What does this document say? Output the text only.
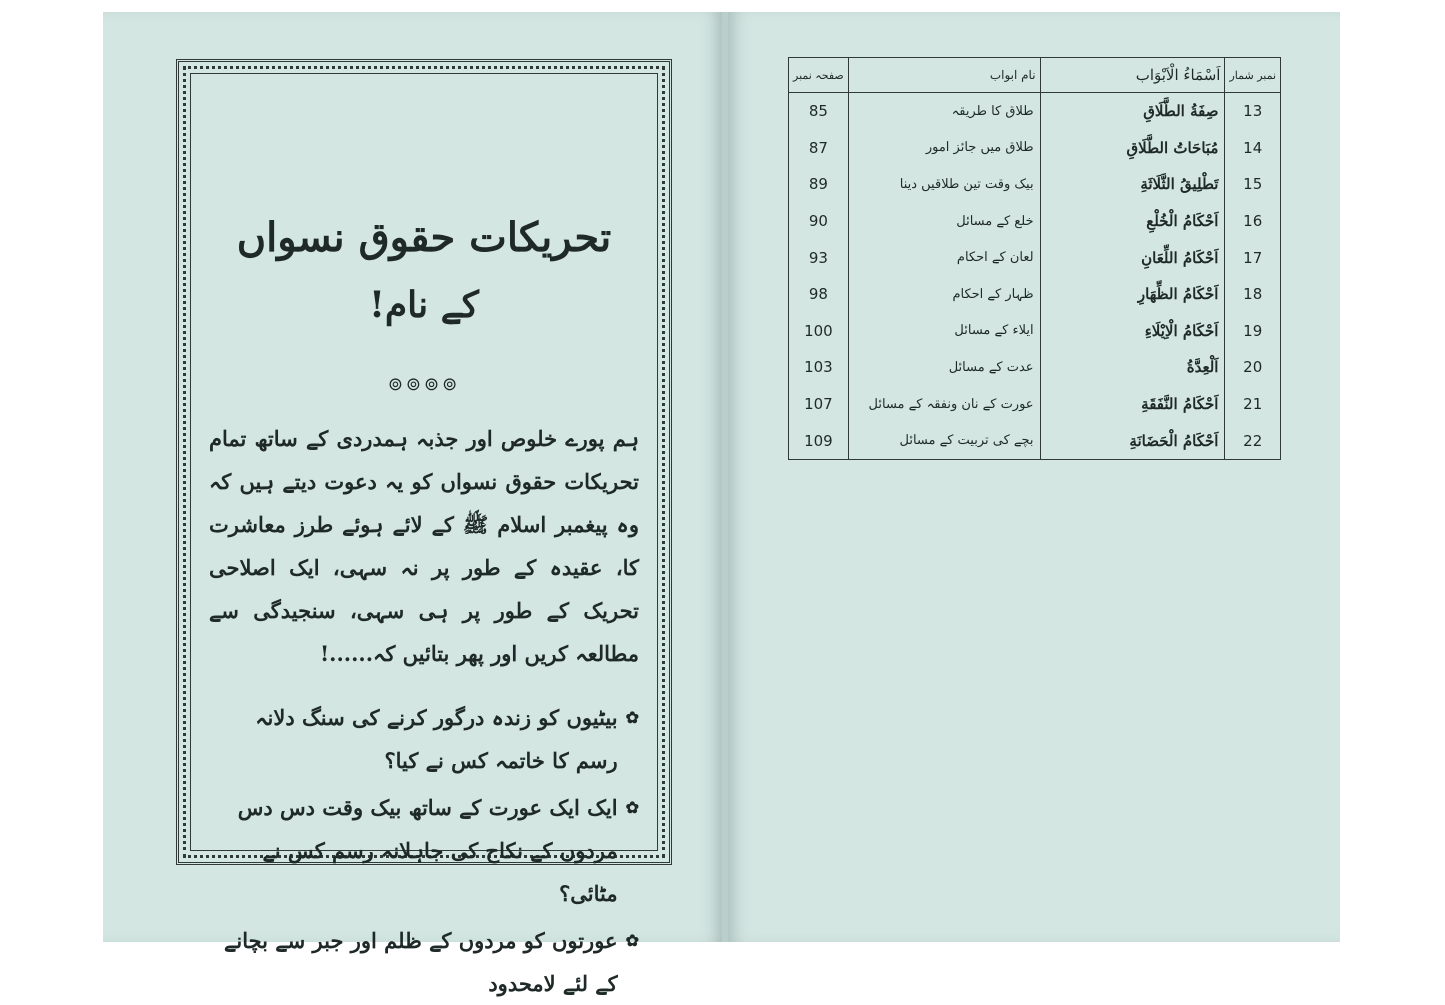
تحریکات حقوق نسواں
کے نام!
⊚⊚⊚⊚

ہم پورے خلوص اور جذبہ ہمدردی کے ساتھ تمام تحریکات حقوق نسواں کو یہ دعوت دیتے ہیں کہ وہ پیغمبر اسلام ﷺ کے لائے ہوئے طرز معاشرت کا، عقیدہ کے طور پر نہ سہی، ایک اصلاحی تحریک کے طور پر ہی سہی، سنجیدگی سے مطالعہ کریں اور پھر بتائیں کہ......!

✿
بیٹیوں کو زندہ درگور کرنے کی سنگ دلانہ رسم کا خاتمہ کس نے کیا؟
✿
ایک ایک عورت کے ساتھ بیک وقت دس دس مردوں کے نکاح کی جاہلانہ رسم کس نے مٹائی؟
✿
عورتوں کو مردوں کے ظلم اور جبر سے بچانے کے لئے لامحدود
نمبر شمار	اَسْمَاءُ الْاَبْوَاب	نام ابواب	صفحہ نمبر
13	صِفَةُ الطَّلَاقِ	طلاق کا طریقہ	85
14	مُبَاحَاتُ الطَّلَاقِ	طلاق میں جائز امور	87
15	تَطْلِيقُ الثَّلَاثَةِ	بیک وقت تین طلاقیں دینا	89
16	اَحْكَامُ الْخُلْعِ	خلع کے مسائل	90
17	اَحْكَامُ اللِّعَانِ	لعان کے احکام	93
18	اَحْكَامُ الظِّهَارِ	ظہار کے احکام	98
19	اَحْكَامُ الْاِيْلَاءِ	ایلاء کے مسائل	100
20	اَلْعِدَّةُ	عدت کے مسائل	103
21	اَحْكَامُ النَّفَقَةِ	عورت کے نان ونفقہ کے مسائل	107
22	اَحْكَامُ الْحَضَانَةِ	بچے کی تربیت کے مسائل	109
